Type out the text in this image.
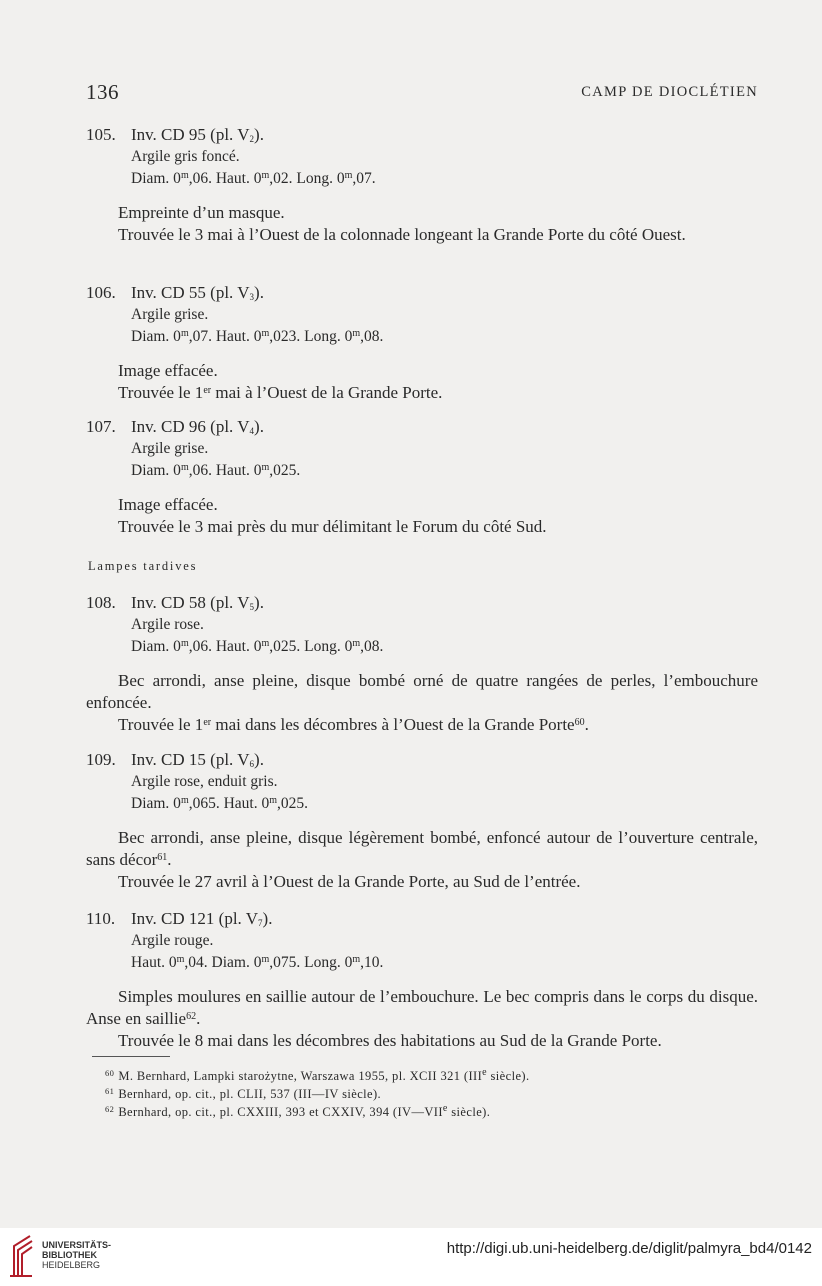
136	CAMP DE DIOCLÉTIEN
105. Inv. CD 95 (pl. $V_2$).
Argile gris foncé.
Diam. 0$^m$,06. Haut. 0$^m$,02. Long. 0$^m$,07.
Empreinte d’un masque.
Trouvée le 3 mai à l’Ouest de la colonnade longeant la Grande Porte du côté Ouest.
106. Inv. CD 55 (pl. $V_3$).
Argile grise.
Diam. 0$^m$,07. Haut. 0$^m$,023. Long. 0$^m$,08.
Image effacée.
Trouvée le 1er mai à l’Ouest de la Grande Porte.
107. Inv. CD 96 (pl. $V_4$).
Argile grise.
Diam. 0$^m$,06. Haut. 0$^m$,025.
Image effacée.
Trouvée le 3 mai près du mur délimitant le Forum du côté Sud.
Lampes tardives
108. Inv. CD 58 (pl. $V_5$).
Argile rose.
Diam. 0$^m$,06. Haut. 0$^m$,025. Long. 0$^m$,08.
Bec arrondi, anse pleine, disque bombé orné de quatre rangées de perles, l’embouchure enfoncée.
Trouvée le 1er mai dans les décombres à l’Ouest de la Grande Porte$^{60}$.
109. Inv. CD 15 (pl. $V_6$).
Argile rose, enduit gris.
Diam. 0$^m$,065. Haut. 0$^m$,025.
Bec arrondi, anse pleine, disque légèrement bombé, enfoncé autour de l’ouverture centrale, sans décor$^{61}$.
Trouvée le 27 avril à l’Ouest de la Grande Porte, au Sud de l’entrée.
110. Inv. CD 121 (pl. $V_7$).
Argile rouge.
Haut. 0$^m$,04. Diam. 0$^m$,075. Long. 0$^m$,10.
Simples moulures en saillie autour de l’embouchure. Le bec compris dans le corps du disque. Anse en saillie$^{62}$.
Trouvée le 8 mai dans les décombres des habitations au Sud de la Grande Porte.
$^{60}$ M. Bernhard, Lampki starożytne, Warszawa 1955, pl. XCII 321 (IIIe siècle).
$^{61}$ Bernhard, op. cit., pl. CLII, 537 (III—IV siècle).
$^{62}$ Bernhard, op. cit., pl. CXXIII, 393 et CXXIV, 394 (IV—VIIe siècle).
UNIVERSITÄTS-
BIBLIOTHEK
HEIDELBERG
http://digi.ub.uni-heidelberg.de/diglit/palmyra_bd4/0142
